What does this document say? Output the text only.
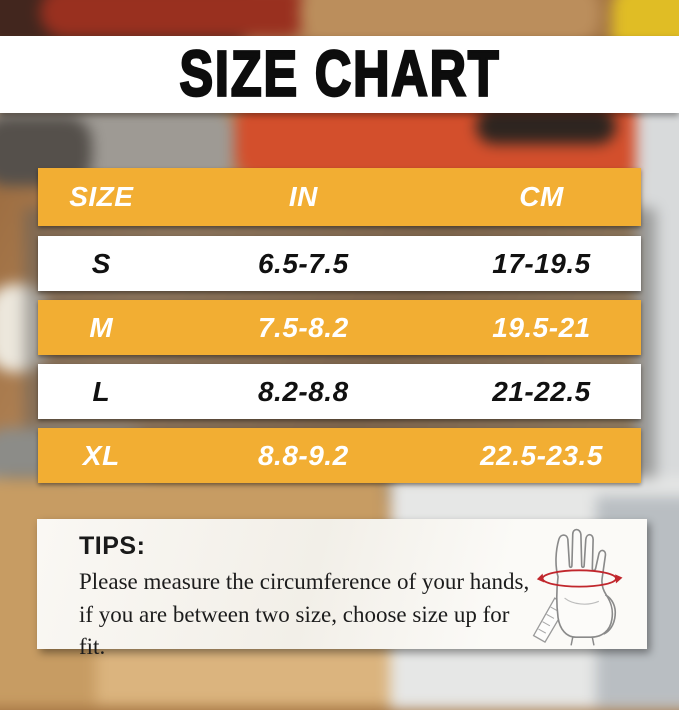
SIZE CHART
SIZE	IN	CM
S	6.5-7.5	17-19.5
M	7.5-8.2	19.5-21
L	8.2-8.8	21-22.5
XL	8.8-9.2	22.5-23.5
TIPS:

Please measure the circumference of your hands, if you are between two size, choose size up for fit.
